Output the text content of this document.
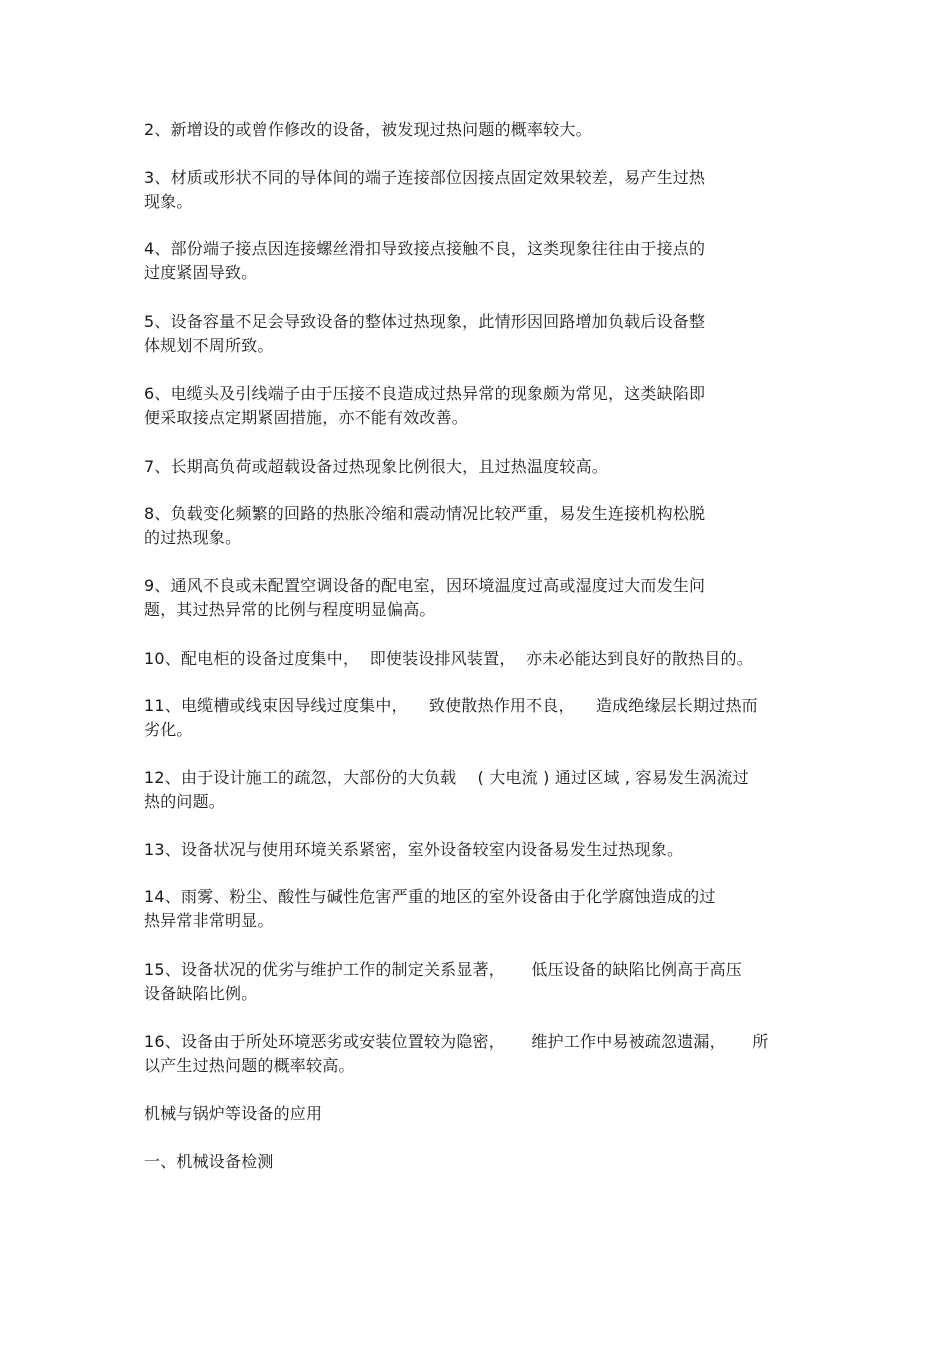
2、新增设的或曾作修改的设备，被发现过热问题的概率较大。
3、材质或形状不同的导体间的端子连接部位因接点固定效果较差，易产生过热
现象。
4、部份端子接点因连接螺丝滑扣导致接点接触不良，这类现象往往由于接点的
过度紧固导致。
5、设备容量不足会导致设备的整体过热现象，此情形因回路增加负载后设备整
体规划不周所致。
6、电缆头及引线端子由于压接不良造成过热异常的现象颇为常见，这类缺陷即
便采取接点定期紧固措施，亦不能有效改善。
7、长期高负荷或超载设备过热现象比例很大，且过热温度较高。
8、负载变化频繁的回路的热胀冷缩和震动情况比较严重，易发生连接机构松脱
的过热现象。
9、通风不良或未配置空调设备的配电室，因环境温度过高或湿度过大而发生问
题，其过热异常的比例与程度明显偏高。
10、配电柜的设备过度集中，  即使装设排风装置，  亦未必能达到良好的散热目的。
11、电缆槽或线束因导线过度集中，    致使散热作用不良，    造成绝缘层长期过热而
劣化。
12、由于设计施工的疏忽，大部份的大负载    ( 大电流 ) 通过区域 , 容易发生涡流过
热的问题。
13、设备状况与使用环境关系紧密，室外设备较室内设备易发生过热现象。
14、雨雾、粉尘、酸性与碱性危害严重的地区的室外设备由于化学腐蚀造成的过
热异常非常明显。
15、设备状况的优劣与维护工作的制定关系显著，     低压设备的缺陷比例高于高压
设备缺陷比例。
16、设备由于所处环境恶劣或安装位置较为隐密，     维护工作中易被疏忽遗漏，     所
以产生过热问题的概率较高。
机械与锅炉等设备的应用
一、机械设备检测
